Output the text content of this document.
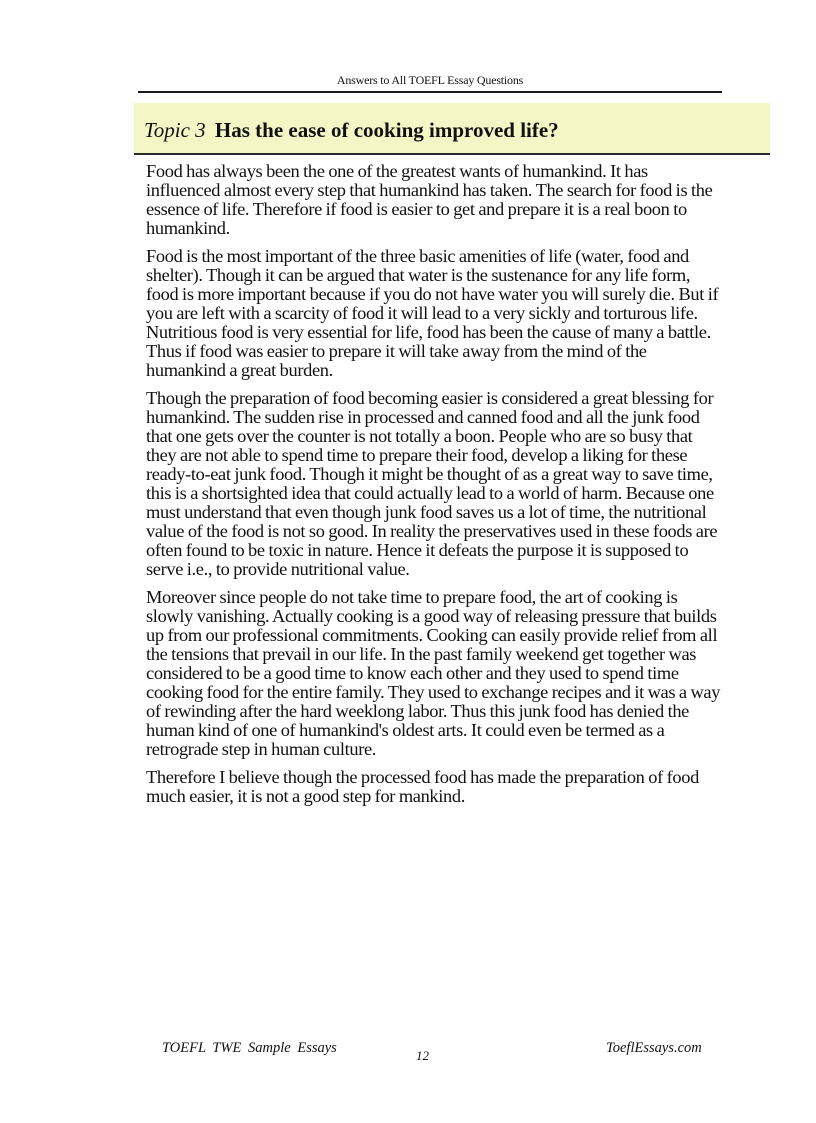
Answers to All TOEFL Essay Questions
Topic 3 Has the ease of cooking improved life?

Food has always been the one of the greatest wants of humankind. It has influenced almost every step that humankind has taken. The search for food is the essence of life. Therefore if food is easier to get and prepare it is a real boon to humankind.

Food is the most important of the three basic amenities of life (water, food and shelter). Though it can be argued that water is the sustenance for any life form, food is more important because if you do not have water you will surely die. But if you are left with a scarcity of food it will lead to a very sickly and torturous life. Nutritious food is very essential for life, food has been the cause of many a battle. Thus if food was easier to prepare it will take away from the mind of the humankind a great burden.

Though the preparation of food becoming easier is considered a great blessing for humankind. The sudden rise in processed and canned food and all the junk food that one gets over the counter is not totally a boon. People who are so busy that they are not able to spend time to prepare their food, develop a liking for these ready-to-eat junk food. Though it might be thought of as a great way to save time, this is a shortsighted idea that could actually lead to a world of harm. Because one must understand that even though junk food saves us a lot of time, the nutritional value of the food is not so good. In reality the preservatives used in these foods are often found to be toxic in nature. Hence it defeats the purpose it is supposed to serve i.e., to provide nutritional value.

Moreover since people do not take time to prepare food, the art of cooking is slowly vanishing. Actually cooking is a good way of releasing pressure that builds up from our professional commitments. Cooking can easily provide relief from all the tensions that prevail in our life. In the past family weekend get together was considered to be a good time to know each other and they used to spend time cooking food for the entire family. They used to exchange recipes and it was a way of rewinding after the hard weeklong labor. Thus this junk food has denied the human kind of one of humankind's oldest arts. It could even be termed as a retrograde step in human culture.

Therefore I believe though the processed food has made the preparation of food much easier, it is not a good step for mankind.

TOEFL TWE Sample Essays	12	ToeflEssays.com
